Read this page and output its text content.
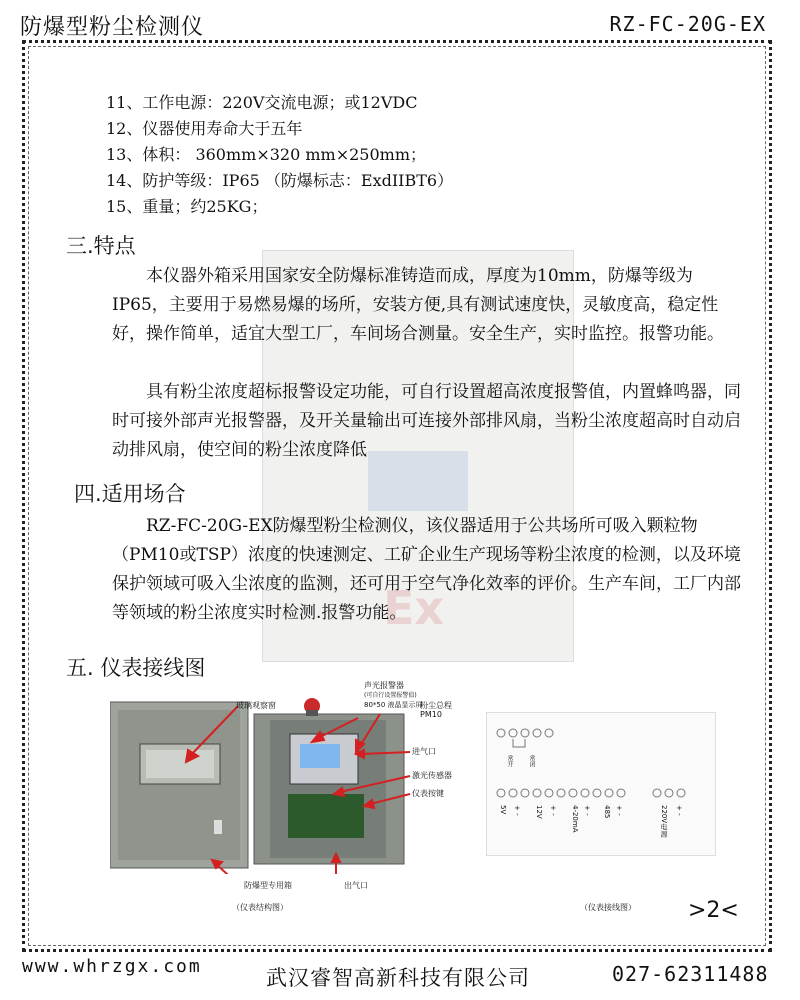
防爆型粉尘检测仪	RZ-FC-20G-EX
Ex
11、工作电源：220V交流电源；或12VDC
12、仪器使用寿命大于五年
13、体积： 360mm×320 mm×250mm；
14、防护等级：IP65 （防爆标志：ExdIIBT6）
15、重量；约25KG；
三.特点
本仪器外箱采用国家安全防爆标准铸造而成，厚度为10mm，防爆等级为IP65，主要用于易燃易爆的场所，安装方便,具有测试速度快，灵敏度高，稳定性好，操作简单，适宜大型工厂，车间场合测量。安全生产，实时监控。报警功能。
具有粉尘浓度超标报警设定功能，可自行设置超高浓度报警值，内置蜂鸣器，同时可接外部声光报警器，及开关量输出可连接外部排风扇，当粉尘浓度超高时自动启动排风扇，使空间的粉尘浓度降低
四.适用场合
RZ-FC-20G-EX防爆型粉尘检测仪，该仪器适用于公共场所可吸入颗粒物（PM10或TSP）浓度的快速测定、工矿企业生产现场等粉尘浓度的检测，以及环境保护领域可吸入尘浓度的监测，还可用于空气净化效率的评价。生产车间，工厂内部等领域的粉尘浓度实时检测.报警功能。
五. 仪表接线图
玻璃观察窗
声光报警器
(可自行设置报警值)
80*50 液晶显示屏
粉尘总程
PM10
进气口
激光传感器
仪表按键
防爆型专用箱	出气口
（仪表结构图）
常开	常闭
5V + - 12V + - 4-20mA + - 485 + -	220V电源 + -
（仪表接线图） >2<
www.whrzgx.com	武汉睿智高新科技有限公司	027-62311488
